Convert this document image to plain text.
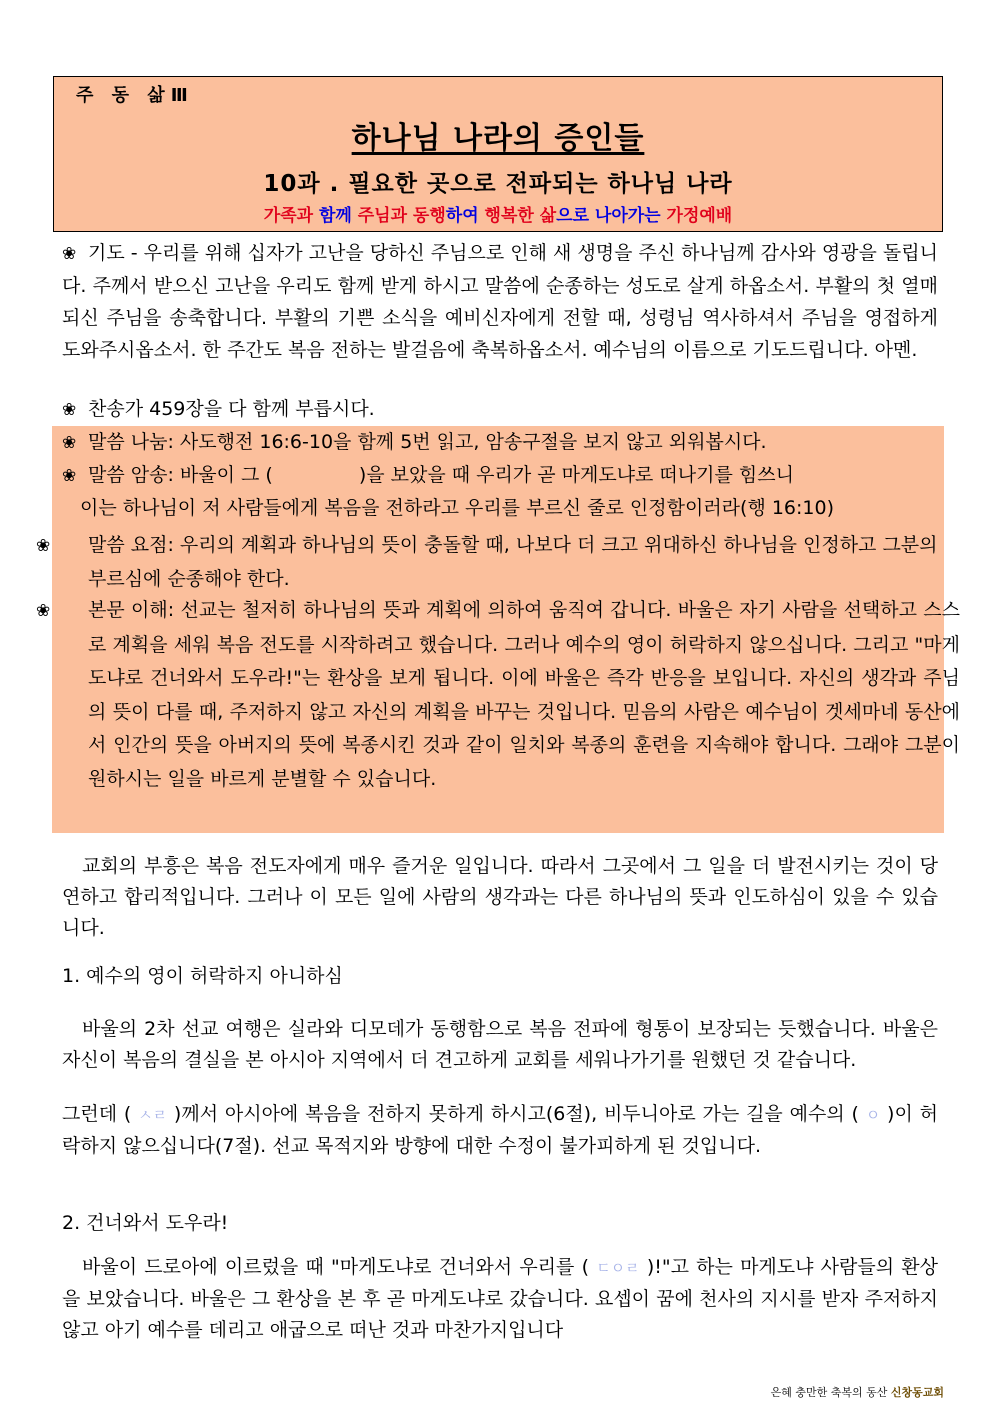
주 동 삶Ⅲ
하나님 나라의 증인들
10과 . 필요한 곳으로 전파되는 하나님 나라
가족과 함께 주님과 동행하여 행복한 삶으로 나아가는 가정예배
❀ 기도 - 우리를 위해 십자가 고난을 당하신 주님으로 인해 새 생명을 주신 하나님께 감사와 영광을 돌립니다. 주께서 받으신 고난을 우리도 함께 받게 하시고 말씀에 순종하는 성도로 살게 하옵소서. 부활의 첫 열매 되신 주님을 송축합니다. 부활의 기쁜 소식을 예비신자에게 전할 때, 성령님 역사하셔서 주님을 영접하게 도와주시옵소서. 한 주간도 복음 전하는 발걸음에 축복하옵소서. 예수님의 이름으로 기도드립니다. 아멘.
❀ 찬송가 459장을 다 함께 부릅시다.
❀ 말씀 나눔: 사도행전 16:6-10을 함께 5번 읽고, 암송구절을 보지 않고 외워봅시다.
❀ 말씀 암송: 바울이 그 (	)을 보았을 때 우리가 곧 마게도냐로 떠나기를 힘쓰니
이는 하나님이 저 사람들에게 복음을 전하라고 우리를 부르신 줄로 인정함이러라(행 16:10)
❀ 말씀 요점: 우리의 계획과 하나님의 뜻이 충돌할 때, 나보다 더 크고 위대하신 하나님을 인정하고 그분의 부르심에 순종해야 한다.
❀ 본문 이해: 선교는 철저히 하나님의 뜻과 계획에 의하여 움직여 갑니다. 바울은 자기 사람을 선택하고 스스로 계획을 세워 복음 전도를 시작하려고 했습니다. 그러나 예수의 영이 허락하지 않으십니다. 그리고 "마게도냐로 건너와서 도우라!"는 환상을 보게 됩니다. 이에 바울은 즉각 반응을 보입니다. 자신의 생각과 주님의 뜻이 다를 때, 주저하지 않고 자신의 계획을 바꾸는 것입니다. 믿음의 사람은 예수님이 겟세마네 동산에서 인간의 뜻을 아버지의 뜻에 복종시킨 것과 같이 일치와 복종의 훈련을 지속해야 합니다. 그래야 그분이 원하시는 일을 바르게 분별할 수 있습니다.
교회의 부흥은 복음 전도자에게 매우 즐거운 일입니다. 따라서 그곳에서 그 일을 더 발전시키는 것이 당연하고 합리적입니다. 그러나 이 모든 일에 사람의 생각과는 다른 하나님의 뜻과 인도하심이 있을 수 있습니다.
1. 예수의 영이 허락하지 아니하심
바울의 2차 선교 여행은 실라와 디모데가 동행함으로 복음 전파에 형통이 보장되는 듯했습니다. 바울은 자신이 복음의 결실을 본 아시아 지역에서 더 견고하게 교회를 세워나가기를 원했던 것 같습니다.
그런데 ( ㅅㄹ )께서 아시아에 복음을 전하지 못하게 하시고(6절), 비두니아로 가는 길을 예수의 ( ㅇ )이 허락하지 않으십니다(7절). 선교 목적지와 방향에 대한 수정이 불가피하게 된 것입니다.
2. 건너와서 도우라!
바울이 드로아에 이르렀을 때 "마게도냐로 건너와서 우리를 ( ㄷㅇㄹ )!"고 하는 마게도냐 사람들의 환상을 보았습니다. 바울은 그 환상을 본 후 곧 마게도냐로 갔습니다. 요셉이 꿈에 천사의 지시를 받자 주저하지 않고 아기 예수를 데리고 애굽으로 떠난 것과 마찬가지입니다
은혜 충만한 축복의 동산 신창동교회
